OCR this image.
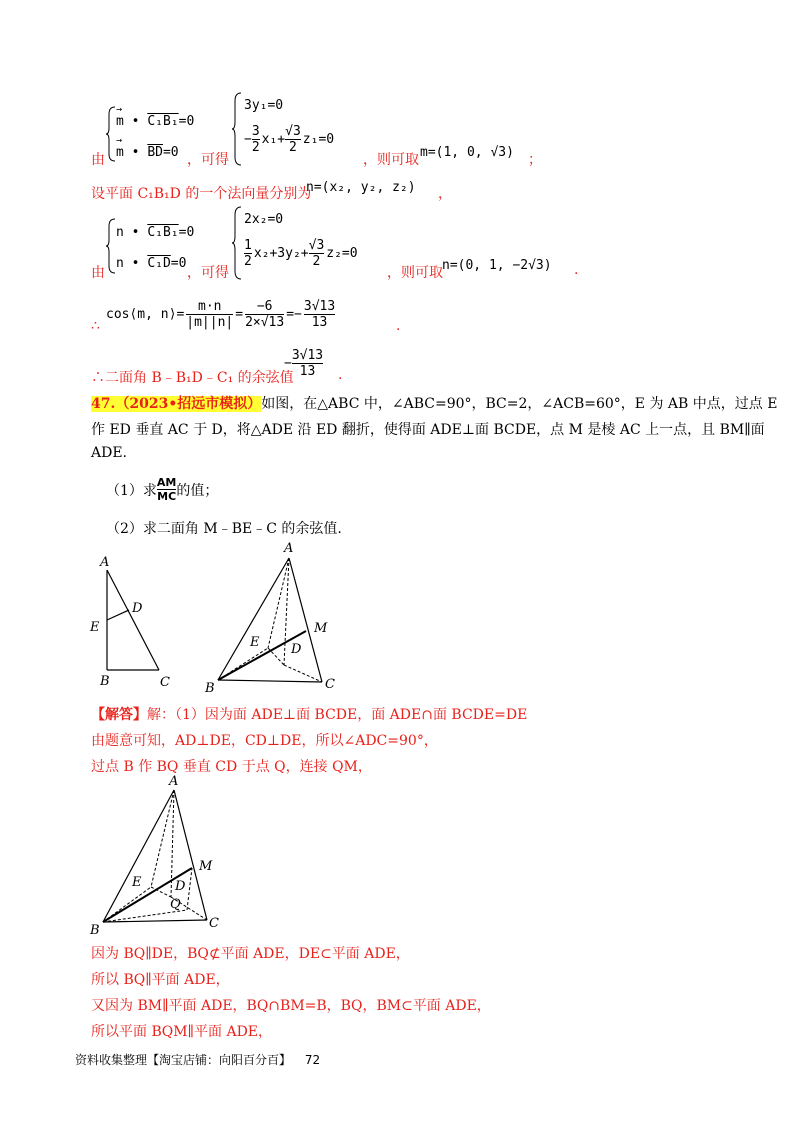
m
→
• C₁B₁=0
m
→
• $\overline{BD}=0$
由	，可得
3y₁=0
− $\frac{3}{2} x_1+ \frac{√3}{2} z_1=0$
，则可取 m=(1, 0, √3) ；
设平面 C₁B₁D 的一个法向量分别为
n=(x₂, y₂, z₂) ，
n • C₁B₁=0
n • C₁D=0
由	，可得
2x₂=0
$\frac{1}{2} x_2+3y_2+ \frac{√3}{2} z_2=0$
，则可取 n=(0, 1, −2√3) .
∴
cos⟨m, n⟩= $\frac{m\cdot n}{|m||n|} = \frac{-6}{2\times√13} =- \frac{3√13}{13}$	.
∴二面角 B﹣B₁D﹣C₁ 的余弦值
− $\frac{3√13}{13}$ .
47.（2023•招远市模拟）如图，在△ABC 中，∠ABC=90°，BC=2，∠ACB=60°，E 为 AB 中点，过点 E
作 ED 垂直 AC 于 D，将△ADE 沿 ED 翻折，使得面 ADE⊥面 BCDE，点 M 是棱 AC 上一点，且 BM∥面
ADE.
（1）求 $\frac{AM}{MC}$ 的值；
（2）求二面角 M﹣BE﹣C 的余弦值.
A
D
E
B	C
A
M
E D
B	C
【解答】解：（1）因为面 ADE⊥面 BCDE，面 ADE∩面 BCDE=DE
由题意可知，AD⊥DE，CD⊥DE，所以∠ADC=90°，
过点 B 作 BQ 垂直 CD 于点 Q，连接 QM，
A
M
E	D
Q
B	C
因为 BQ∥DE，BQ⊄平面 ADE，DE⊂平面 ADE，
所以 BQ∥平面 ADE，
又因为 BM∥平面 ADE，BQ∩BM=B，BQ，BM⊂平面 ADE，
所以平面 BQM∥平面 ADE，
资料收集整理【淘宝店铺：向阳百分百】 72
